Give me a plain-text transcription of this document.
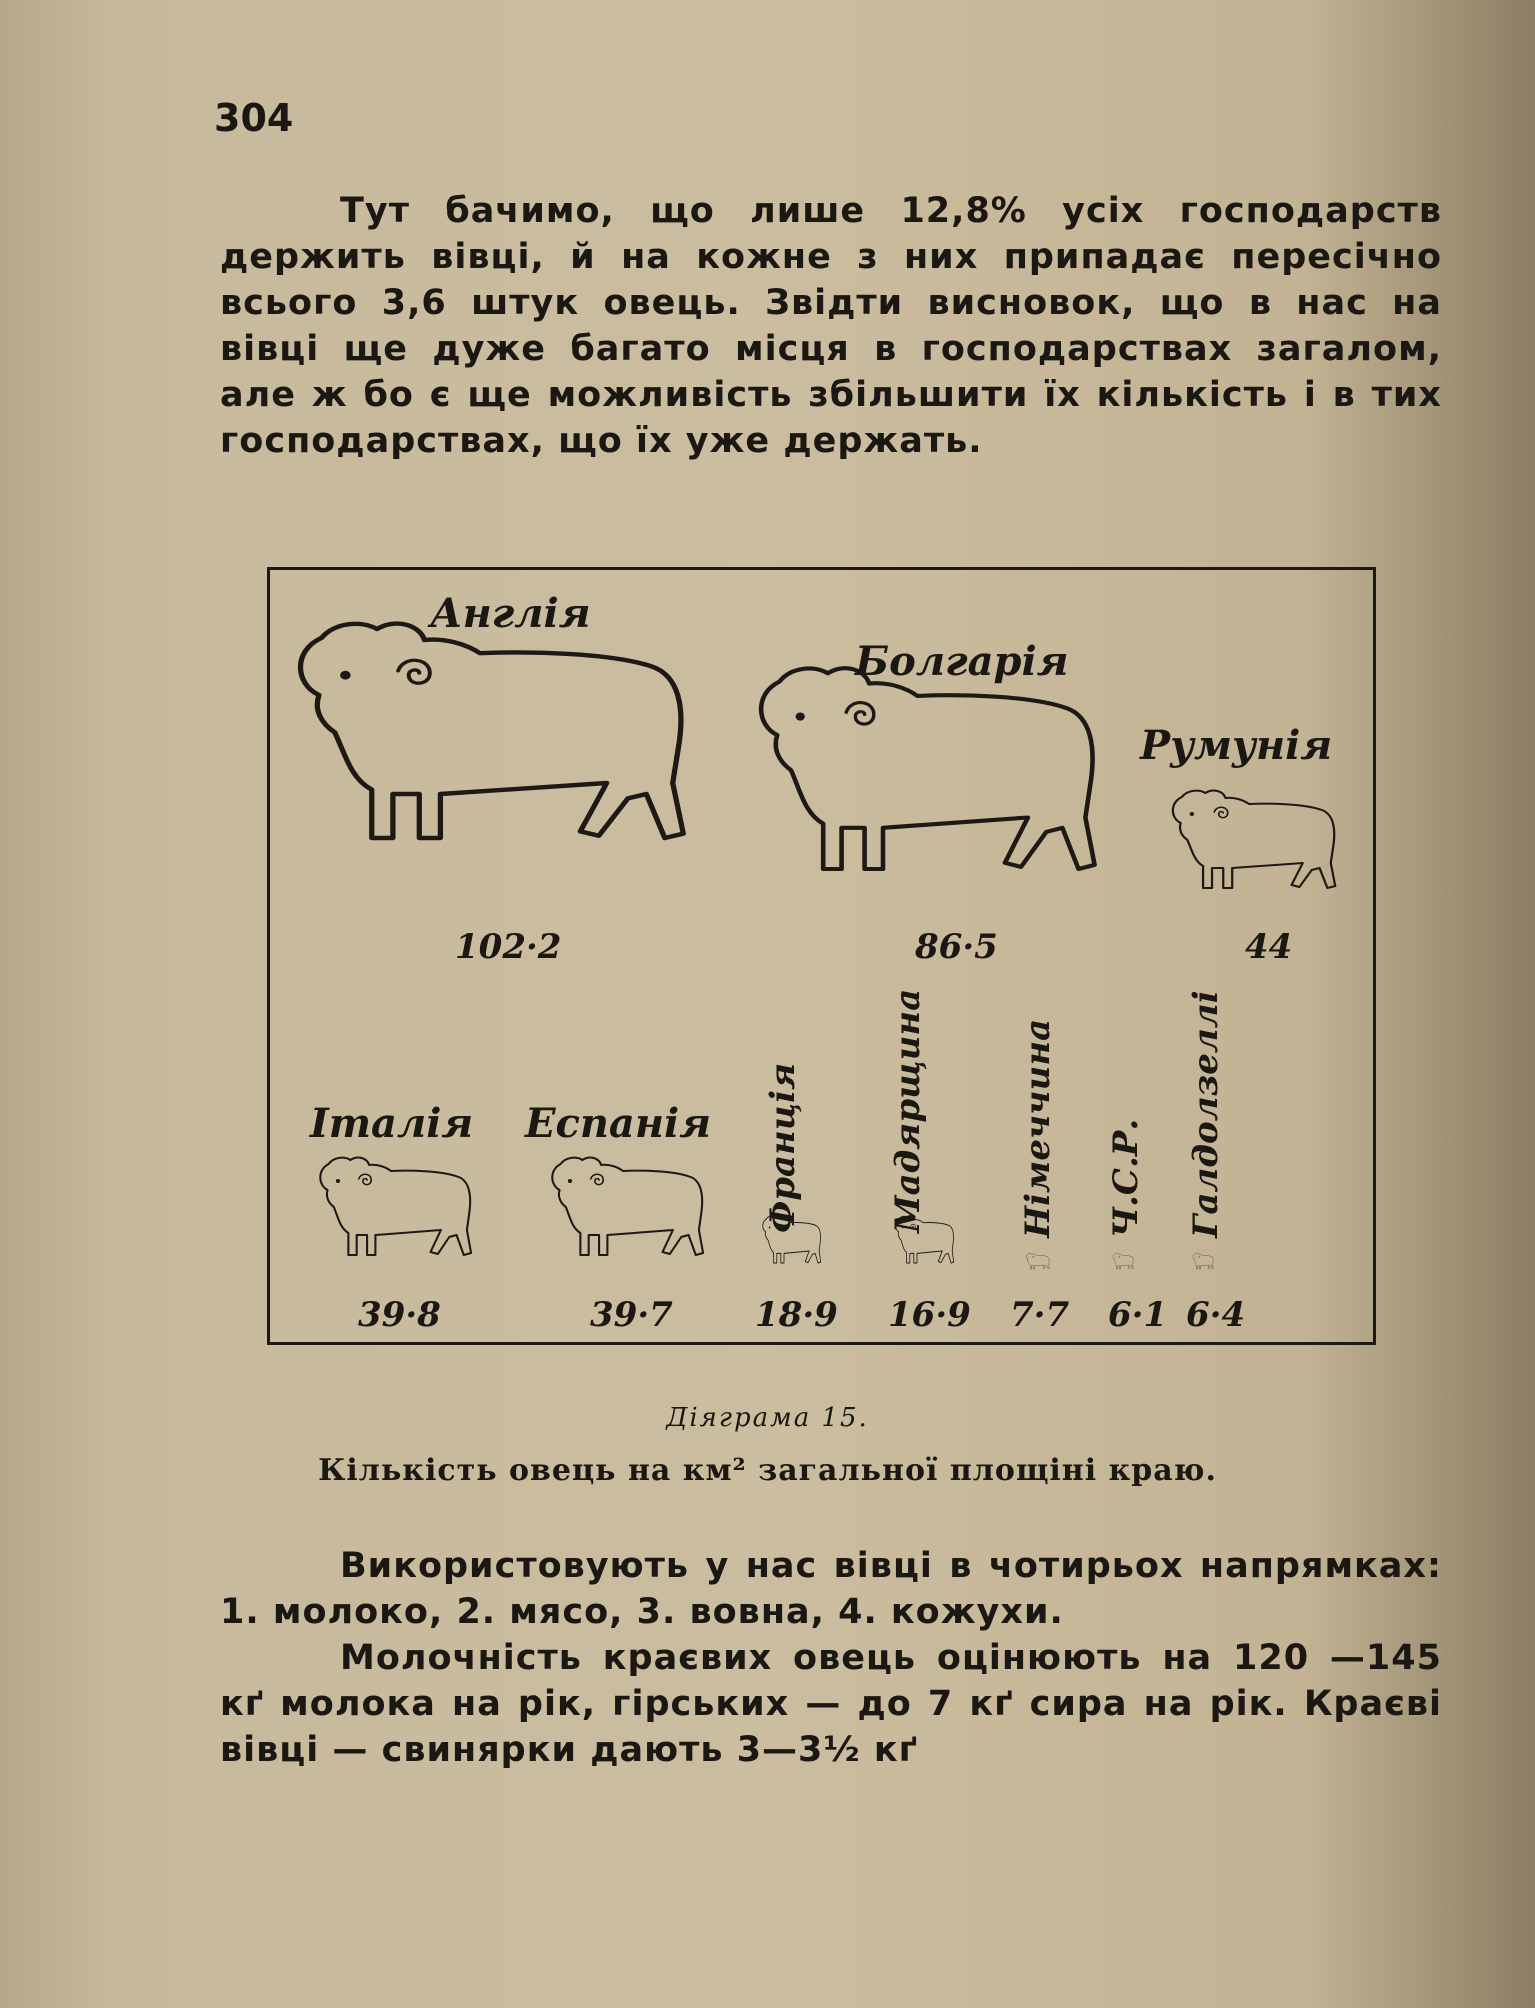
304

Тут бачимо, що лише 12,8% усіх господарств держить вівці, й на кожне з них припадає пересічно всього 3,6 штук овець. Звідти висновок, що в нас на вівці ще дуже багато місця в господарствах загалом, але ж бо є ще можливість збільшити їх кількість і в тих господарствах, що їх уже держать.

Англія
Болгарія
Румунія
Італія Еспанія Франція	Мадярщина	Німеччина Ч.С.Р. Галдолзеллі
102·2	86·5	44
39·8	39·7 18·9 16·9 7·7 6·1 6·4
Діяграма 15.
Кількість овець на км² загальної площіні краю.

Використовують у нас вівці в чотирьох напрямках: 1. молоко, 2. мясо, 3. вовна, 4. кожухи.

Молочність краєвих овець оцінюють на 120 —145 кґ молока на рік, гірських — до 7 кґ сира на рік. Краєві вівці — свинярки дають 3—3½ кґ
